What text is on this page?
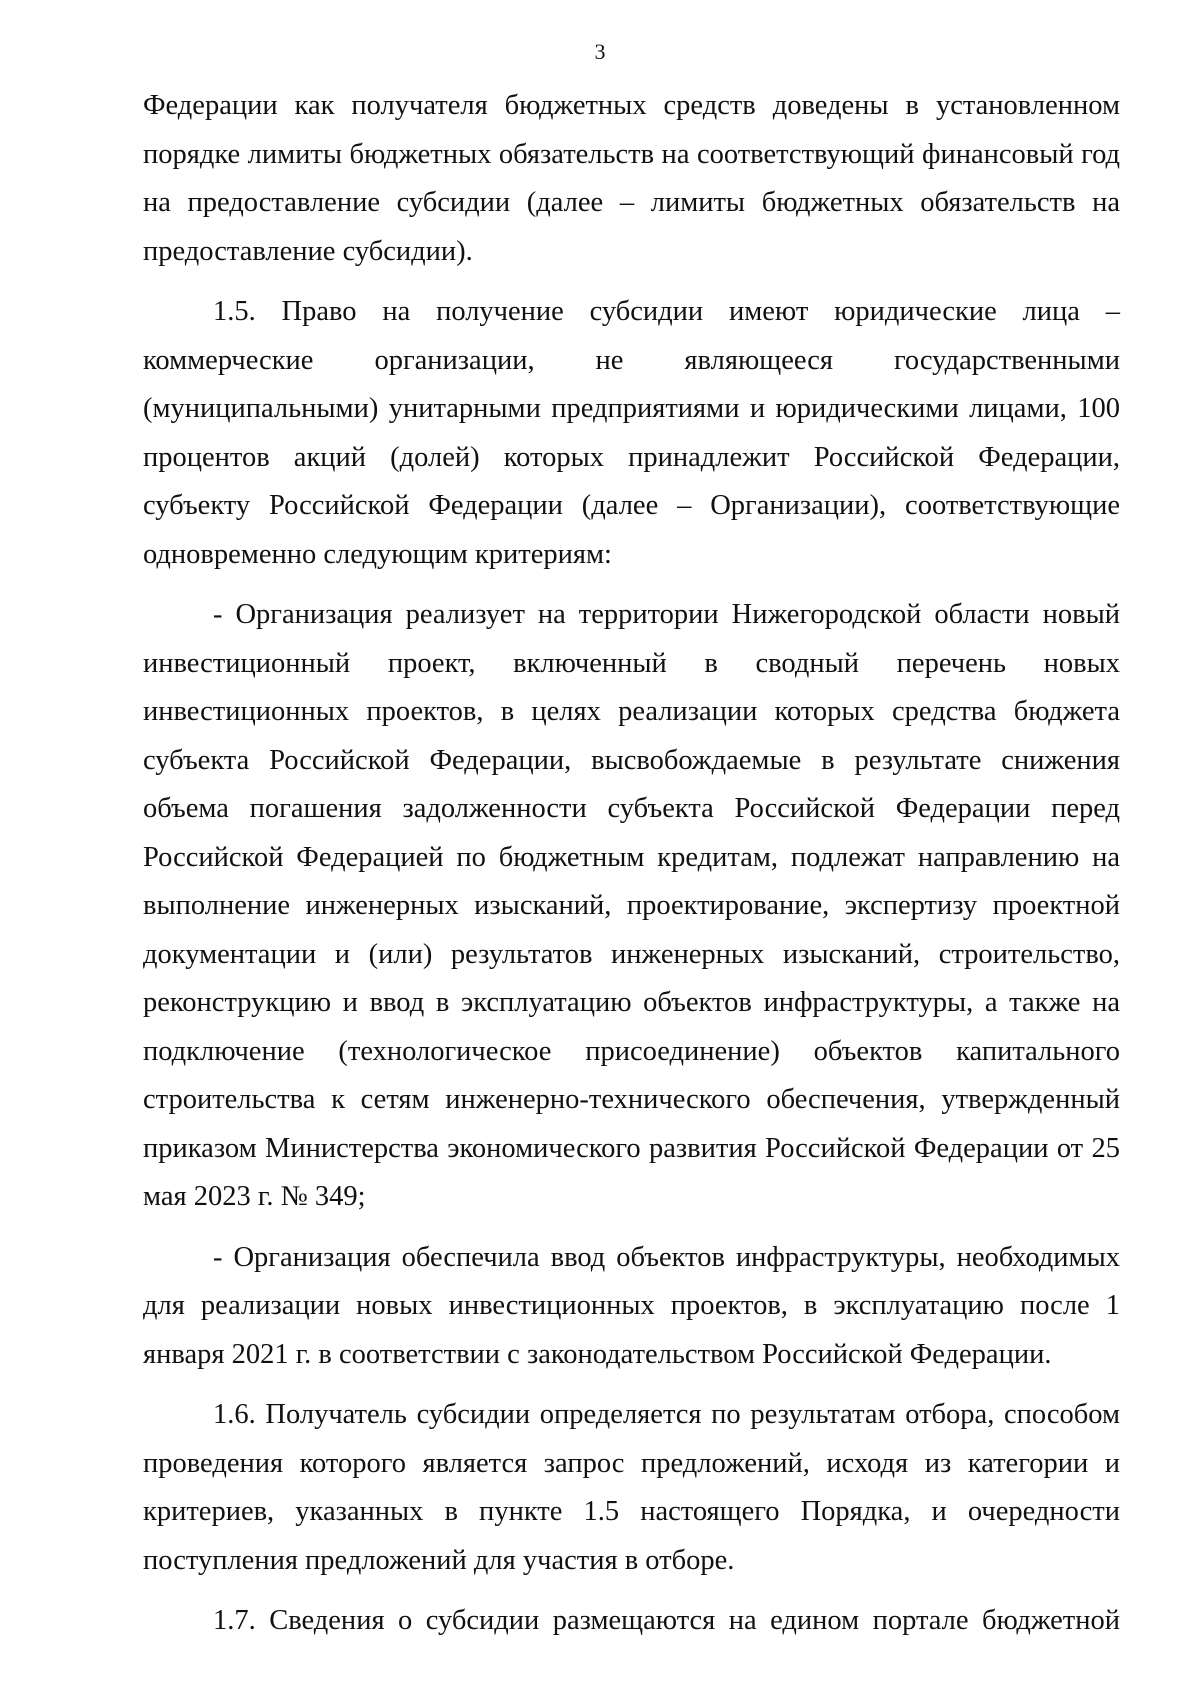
3

Федерации как получателя бюджетных средств доведены в установленном порядке лимиты бюджетных обязательств на соответствующий финансовый год на предоставление субсидии (далее – лимиты бюджетных обязательств на предоставление субсидии).

1.5. Право на получение субсидии имеют юридические лица – коммерческие организации, не являющееся государственными (муниципальными) унитарными предприятиями и юридическими лицами, 100 процентов акций (долей) которых принадлежит Российской Федерации, субъекту Российской Федерации (далее – Организации), соответствующие одновременно следующим критериям:

- Организация реализует на территории Нижегородской области новый инвестиционный проект, включенный в сводный перечень новых инвестиционных проектов, в целях реализации которых средства бюджета субъекта Российской Федерации, высвобождаемые в результате снижения объема погашения задолженности субъекта Российской Федерации перед Российской Федерацией по бюджетным кредитам, подлежат направлению на выполнение инженерных изысканий, проектирование, экспертизу проектной документации и (или) результатов инженерных изысканий, строительство, реконструкцию и ввод в эксплуатацию объектов инфраструктуры, а также на подключение (технологическое присоединение) объектов капитального строительства к сетям инженерно-технического обеспечения, утвержденный приказом Министерства экономического развития Российской Федерации от 25 мая 2023 г. № 349;

- Организация обеспечила ввод объектов инфраструктуры, необходимых для реализации новых инвестиционных проектов, в эксплуатацию после 1 января 2021 г. в соответствии с законодательством Российской Федерации.

1.6. Получатель субсидии определяется по результатам отбора, способом проведения которого является запрос предложений, исходя из категории и критериев, указанных в пункте 1.5 настоящего Порядка, и очередности поступления предложений для участия в отборе.

1.7. Сведения о субсидии размещаются на едином портале бюджетной
